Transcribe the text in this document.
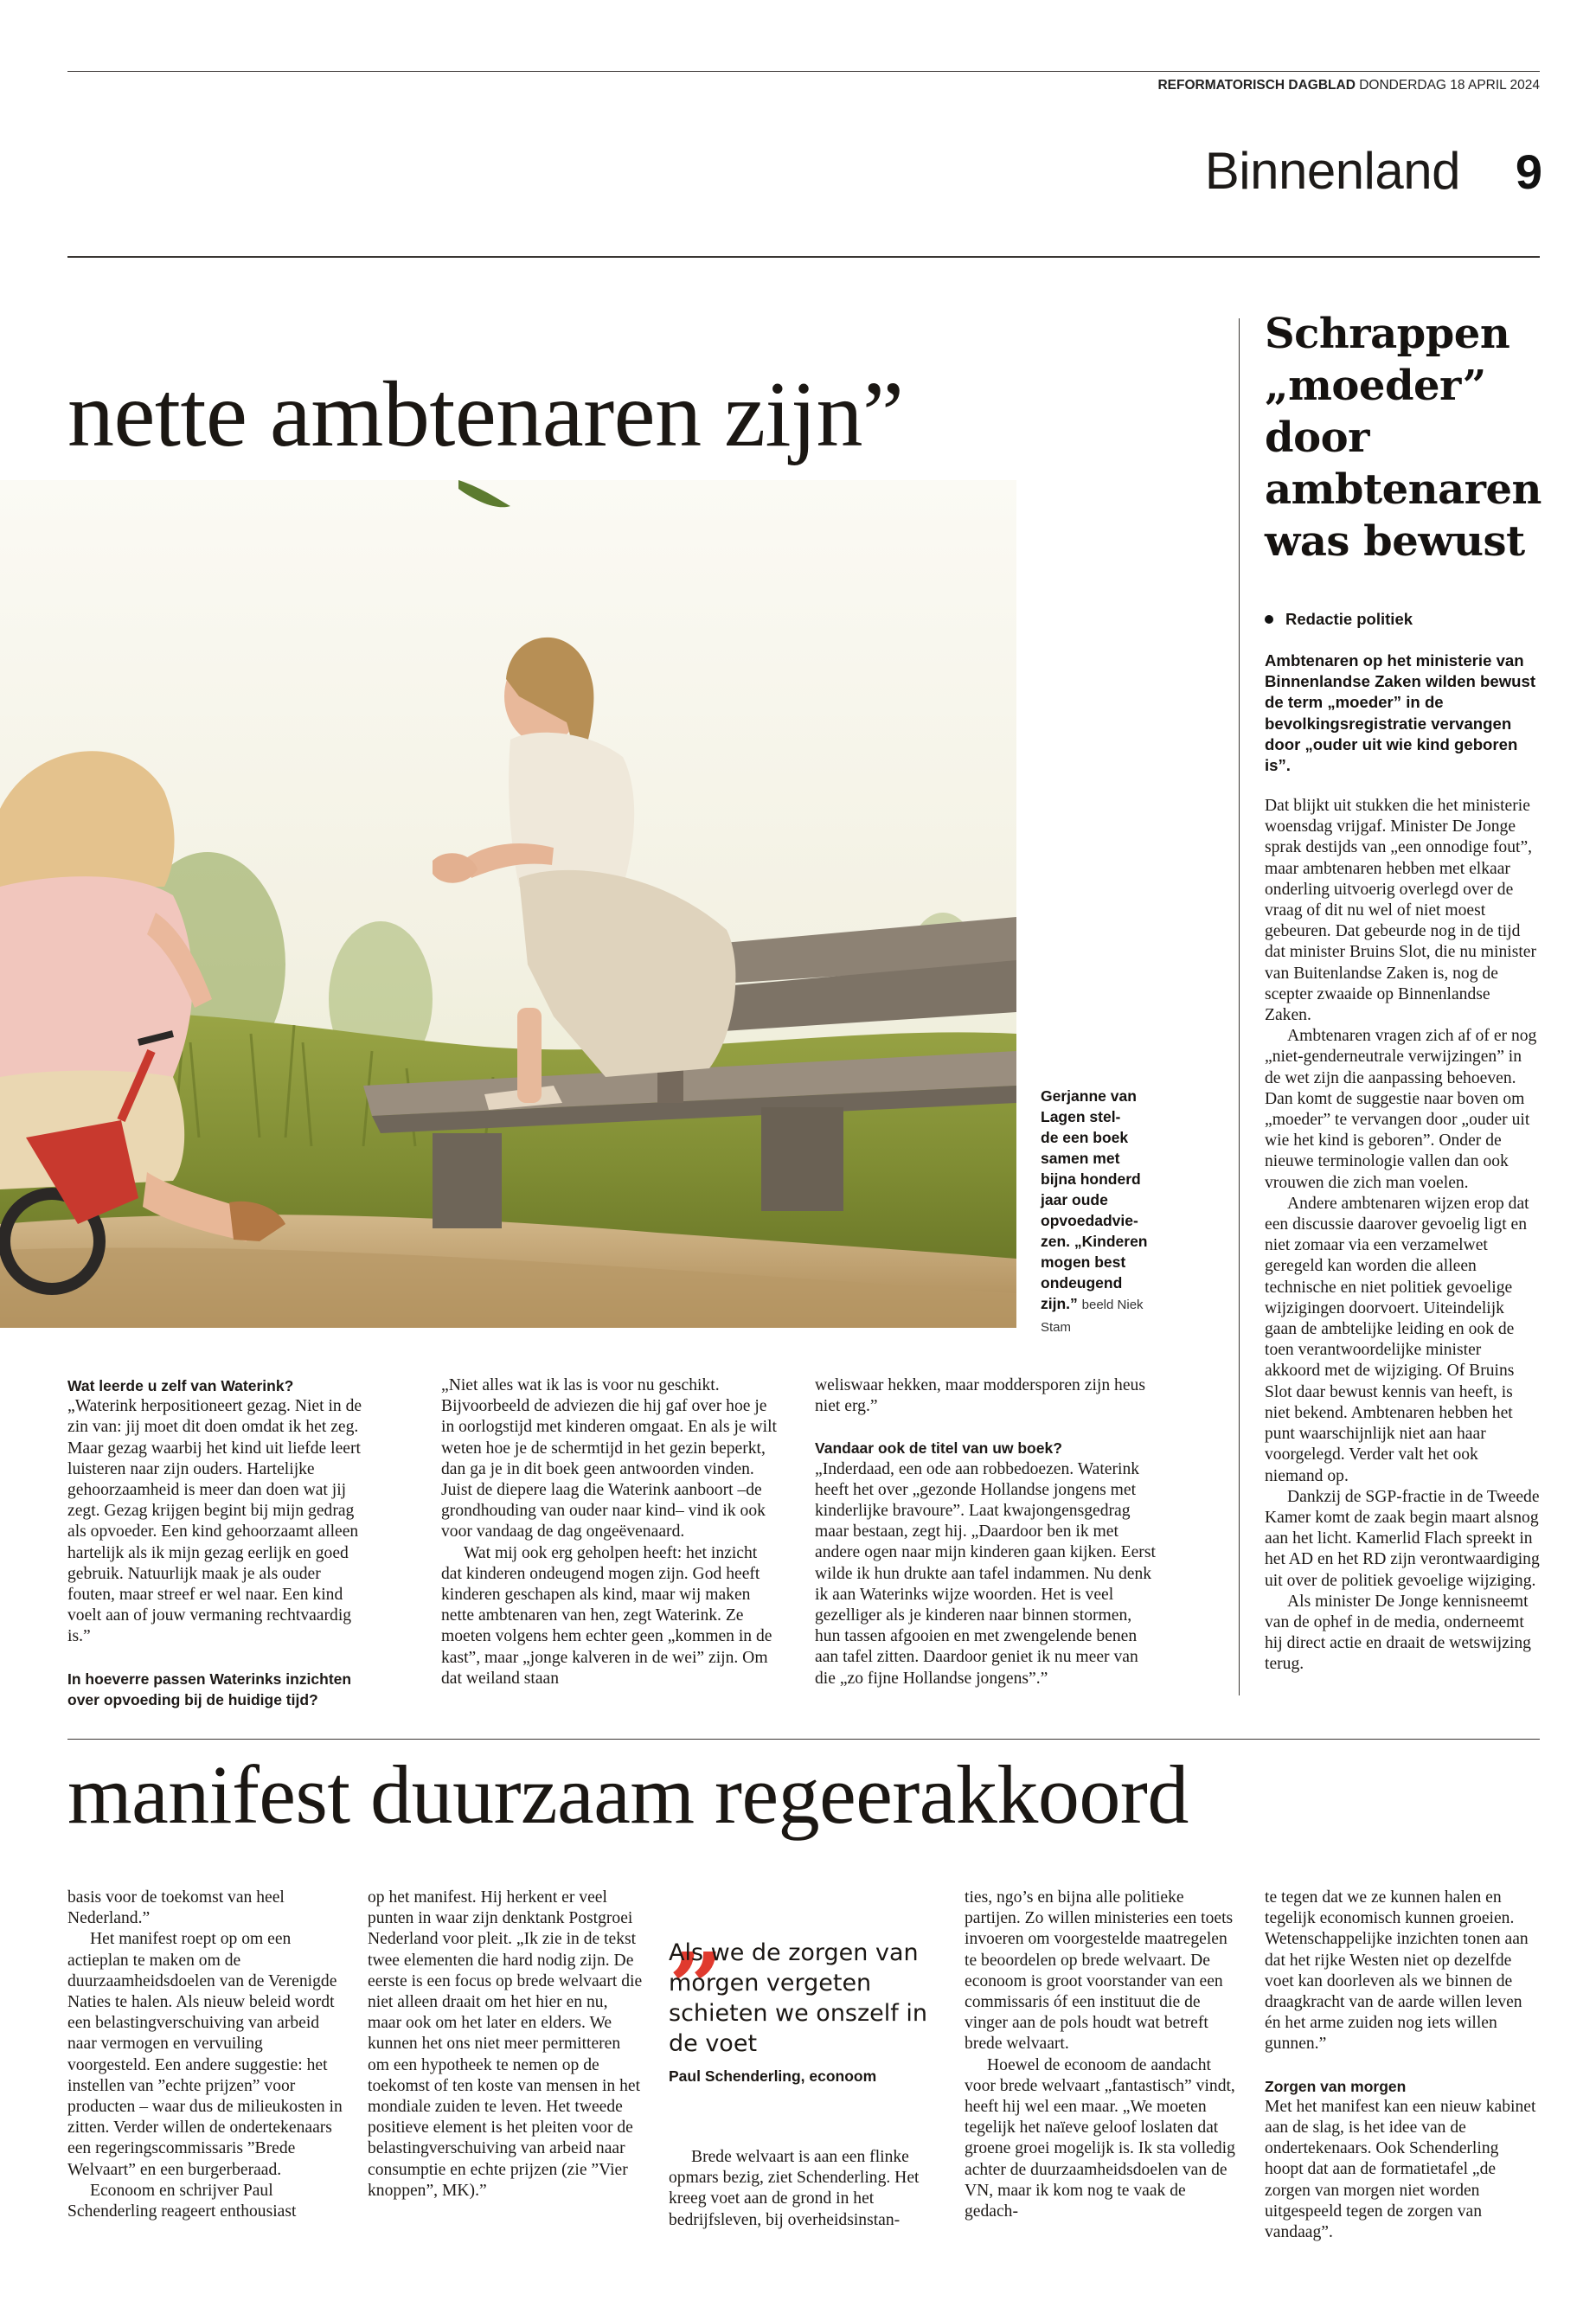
REFORMATORISCH DAGBLAD DONDERDAG 18 APRIL 2024
Binnenland 9
nette ambtenaren zijn”
Gerjanne van
Lagen stel-
de een boek
samen met
bijna honderd
jaar oude
opvoedadvie-
zen. „Kinderen
mogen best
ondeugend
zijn.” beeld Niek Stam

Wat leerde u zelf van Waterink?

„Waterink herpositioneert gezag. Niet in de zin van: jij moet dit doen omdat ik het zeg. Maar gezag waarbij het kind uit liefde leert luisteren naar zijn ouders. Hartelijke gehoorzaamheid is meer dan doen wat jij zegt. Gezag krijgen begint bij mijn gedrag als opvoeder. Een kind gehoorzaamt alleen hartelijk als ik mijn gezag eerlijk en goed gebruik. Natuurlijk maak je als ouder fouten, maar streef er wel naar. Een kind voelt aan of jouw vermaning rechtvaardig is.”

In hoeverre passen Waterinks inzichten over opvoeding bij de huidige tijd?

„Niet alles wat ik las is voor nu geschikt. Bijvoorbeeld de adviezen die hij gaf over hoe je in oorlogstijd met kinderen omgaat. En als je wilt weten hoe je de schermtijd in het gezin beperkt, dan ga je in dit boek geen antwoorden vinden. Juist de diepere laag die Waterink aanboort –de grondhouding van ouder naar kind– vind ik ook voor vandaag de dag ongeëvenaard.

Wat mij ook erg geholpen heeft: het inzicht dat kinderen ondeugend mogen zijn. God heeft kinderen geschapen als kind, maar wij maken nette ambtenaren van hen, zegt Waterink. Ze moeten volgens hem echter geen „kommen in de kast”, maar „jonge kalveren in de wei” zijn. Om dat weiland staan

weliswaar hekken, maar moddersporen zijn heus niet erg.”

Vandaar ook de titel van uw boek?

„Inderdaad, een ode aan robbedoezen. Waterink heeft het over „gezonde Hollandse jongens met kinderlijke bravoure”. Laat kwajongensgedrag maar bestaan, zegt hij. „Daardoor ben ik met andere ogen naar mijn kinderen gaan kijken. Eerst wilde ik hun drukte aan tafel indammen. Nu denk ik aan Waterinks wijze woorden. Het is veel gezelliger als je kinderen naar binnen stormen, hun tassen afgooien en met zwengelende benen aan tafel zitten. Daardoor geniet ik nu meer van die „zo fijne Hollandse jongens”.”

Schrappen
„moeder”
door
ambtenaren
was bewust
Redactie politiek
Ambtenaren op het ministerie van Binnenlandse Zaken wilden bewust de term „moeder” in de bevolkingsregistratie vervangen door „ouder uit wie kind geboren is”.

Dat blijkt uit stukken die het ministerie woensdag vrijgaf. Minister De Jonge sprak destijds van „een onnodige fout”, maar ambtenaren hebben met elkaar onderling uitvoerig overlegd over de vraag of dit nu wel of niet moest gebeuren. Dat gebeurde nog in de tijd dat minister Bruins Slot, die nu minister van Buitenlandse Zaken is, nog de scepter zwaaide op Binnenlandse Zaken.

Ambtenaren vragen zich af of er nog „niet-genderneutrale verwijzingen” in de wet zijn die aanpassing behoeven. Dan komt de suggestie naar boven om „moeder” te vervangen door „ouder uit wie het kind is geboren”. Onder de nieuwe terminologie vallen dan ook vrouwen die zich man voelen.

Andere ambtenaren wijzen erop dat een discussie daarover gevoelig ligt en niet zomaar via een verzamelwet geregeld kan worden die alleen technische en niet politiek gevoelige wijzigingen doorvoert. Uiteindelijk gaan de ambtelijke leiding en ook de toen verantwoordelijke minister akkoord met de wijziging. Of Bruins Slot daar bewust kennis van heeft, is niet bekend. Ambtenaren hebben het punt waarschijnlijk niet aan haar voorgelegd. Verder valt het ook niemand op.

Dankzij de SGP-fractie in de Tweede Kamer komt de zaak begin maart alsnog aan het licht. Kamerlid Flach spreekt in het AD en het RD zijn verontwaardiging uit over de politiek gevoelige wijziging.

Als minister De Jonge kennisneemt van de ophef in de media, onderneemt hij direct actie en draait de wetswijzing terug.

manifest duurzaam regeerakkoord

basis voor de toekomst van heel Nederland.”

Het manifest roept op om een actieplan te maken om de duurzaamheidsdoelen van de Verenigde Naties te halen. Als nieuw beleid wordt een belastingverschuiving van arbeid naar vermogen en vervuiling voorgesteld. Een andere suggestie: het instellen van ”echte prijzen” voor producten – waar dus de milieukosten in zitten. Verder willen de ondertekenaars een regeringscommissaris ”Brede Welvaart” en een burgerberaad.

Econoom en schrijver Paul Schenderling reageert enthousiast

op het manifest. Hij herkent er veel punten in waar zijn denktank Postgroei Nederland voor pleit. „Ik zie in de tekst twee elementen die hard nodig zijn. De eerste is een focus op brede welvaart die niet alleen draait om het hier en nu, maar ook om het later en elders. We kunnen het ons niet meer permitteren om een hypotheek te nemen op de toekomst of ten koste van mensen in het mondiale zuiden te leven. Het tweede positieve element is het pleiten voor de belastingverschuiving van arbeid naar consumptie en echte prijzen (zie ”Vier knoppen”, MK).”

„
Als we de zorgen van morgen vergeten schieten we onszelf in de voet
Paul Schenderling, econoom

Brede welvaart is aan een flinke opmars bezig, ziet Schenderling. Het kreeg voet aan de grond in het bedrijfsleven, bij overheidsinstan-

ties, ngo’s en bijna alle politieke partijen. Zo willen ministeries een toets invoeren om voorgestelde maatregelen te beoordelen op brede welvaart. De econoom is groot voorstander van een commissaris óf een instituut die de vinger aan de pols houdt wat betreft brede welvaart.

Hoewel de econoom de aandacht voor brede welvaart „fantastisch” vindt, heeft hij wel een maar. „We moeten tegelijk het naïeve geloof loslaten dat groene groei mogelijk is. Ik sta volledig achter de duurzaamheidsdoelen van de VN, maar ik kom nog te vaak de gedach-

te tegen dat we ze kunnen halen en tegelijk economisch kunnen groeien. Wetenschappelijke inzichten tonen aan dat het rijke Westen niet op dezelfde voet kan doorleven als we binnen de draagkracht van de aarde willen leven én het arme zuiden nog iets willen gunnen.”

Zorgen van morgen

Met het manifest kan een nieuw kabinet aan de slag, is het idee van de ondertekenaars. Ook Schenderling hoopt dat aan de formatietafel „de zorgen van morgen niet worden uitgespeeld tegen de zorgen van vandaag”.
